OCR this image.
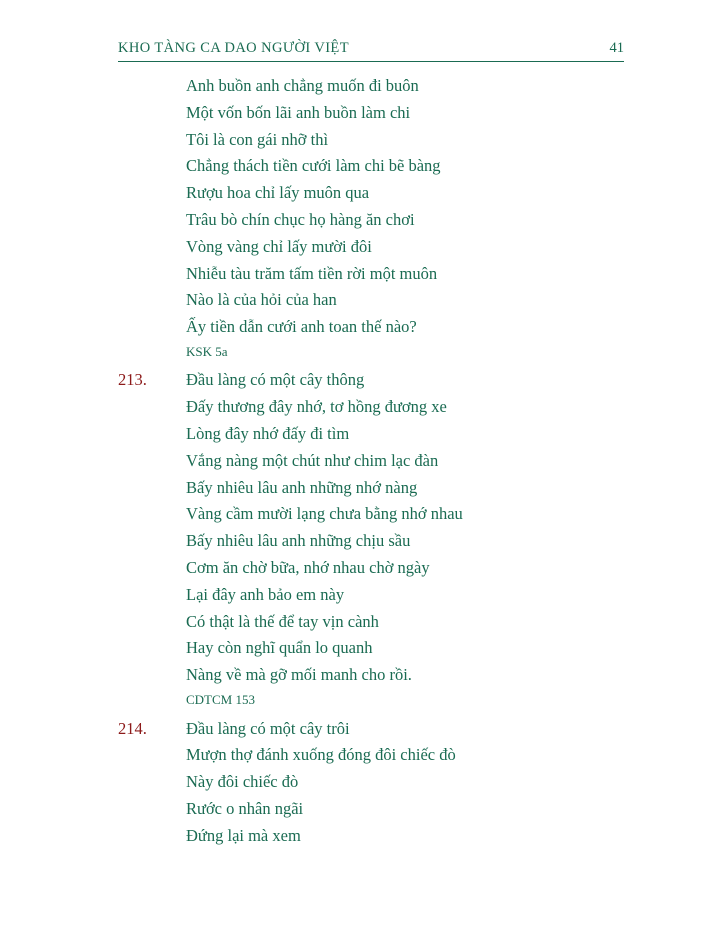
KHO TÀNG CA DAO NGƯỜI VIỆT	41
Anh buồn anh chẳng muốn đi buôn
Một vốn bốn lãi anh buồn làm chi
Tôi là con gái nhỡ thì
Chẳng thách tiền cưới làm chi bẽ bàng
Rượu hoa chỉ lấy muôn qua
Trâu bò chín chục họ hàng ăn chơi
Vòng vàng chỉ lấy mười đôi
Nhiễu tàu trăm tấm tiền rời một muôn
Nào là của hỏi của han
Ấy tiền dẫn cưới anh toan thế nào?
KSK 5a
213.	Đầu làng có một cây thông
Đấy thương đây nhớ, tơ hồng đương xe
Lòng đây nhớ đấy đi tìm
Vắng nàng một chút như chim lạc đàn
Bấy nhiêu lâu anh những nhớ nàng
Vàng cầm mười lạng chưa bằng nhớ nhau
Bấy nhiêu lâu anh những chịu sầu
Cơm ăn chờ bữa, nhớ nhau chờ ngày
Lại đây anh bảo em này
Có thật là thế để tay vịn cành
Hay còn nghĩ quẩn lo quanh
Nàng về mà gỡ mối manh cho rồi.
CDTCM 153
214.	Đầu làng có một cây trôi
Mượn thợ đánh xuống đóng đôi chiếc đò
Này đôi chiếc đò
Rước o nhân ngãi
Đứng lại mà xem
